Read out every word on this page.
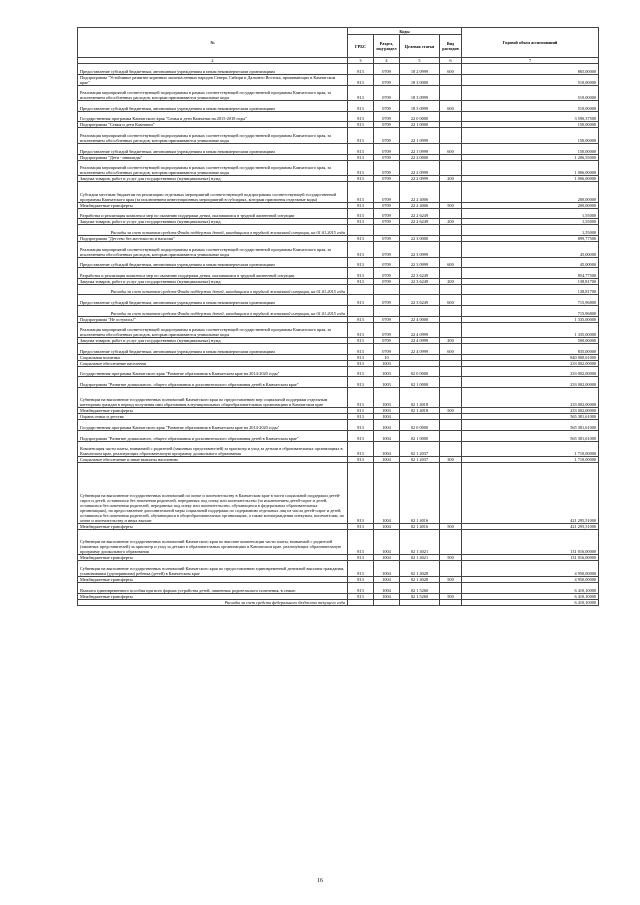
№	Коды				Годовой объем ассигнований
	ГРБС	Раздел, под-раздел	Целевая статья	Вид расходов	
2	3	4	5	6	7
Предоставление субсидий бюджетным, автономным учреждениям и иным некоммерческим организациям	813	0709	18 2 0999	600	865,00000
Подпрограмма "Устойчивое развитие коренных малочисленных народов Севера, Сибири и Дальнего Востока, проживающих в Камчатском крае"	813	0709	18 3 0000		510,00000
Реализация мероприятий соответствующей подпрограммы в рамках соответствующей государственной программы Камчатского края, за исключением обособленных расходов, которым присваиваются уникальные коды	813	0709	18 3 0999		510,00000
Предоставление субсидий бюджетным, автономным учреждениям и иным некоммерческим организациям	813	0709	18 3 0999	600	510,00000
Государственная программа Камчатского края "Семья и дети Камчатки на 2015-2018 годы"	813	0709	22 0 0000		3 590,37500
Подпрограмма "Семья и дети Камчатки"	813	0709	22 1 0000		150,00000
Реализация мероприятий соответствующей подпрограммы в рамках соответствующей государственной программы Камчатского края, за исключением обособленных расходов, которым присваиваются уникальные коды	813	0709	22 1 0999		150,00000
Предоставление субсидий бюджетным, автономным учреждениям и иным некоммерческим организациям	813	0709	22 1 0999	600	150,00000
Подпрограмма "Дети - инвалиды"	813	0709	22 2 0000		1 206,55000
Реализация мероприятий соответствующей подпрограммы в рамках соответствующей государственной программы Камчатского края, за исключением обособленных расходов, которым присваиваются уникальные коды	813	0709	22 2 0999		1 006,00000
Закупка товаров, работ и услуг для государственных (муниципальных) нужд	813	0709	22 2 0999	200	1 006,00000
Субсидии местным бюджетам на реализацию отдельных мероприятий соответствующей подпрограммы соответствующей государственной программы Камчатского края (за исключением инвестиционных мероприятий в субсидиях, которым присвоены отдельные коды)	813	0709	22 2 4006		200,00000
Межбюджетные трансферты	813	0709	22 2 4006	500	200,00000
Разработка и реализация комплекса мер по оказанию поддержки детям, оказавшимся в трудной жизненной ситуации	813	0709	22 2 6249		1,55000
Закупка товаров, работ и услуг для государственных (муниципальных) нужд	813	0709	22 2 6249	200	1,55000
Расходы за счет остатков средств Фонда поддержки детей, находящихся в трудной жизненной ситуации, на 01.01.2015 года					1,55000
Подпрограмма "Детство без жестокости и насилия"	813	0709	22 3 0000		899,77500
Реализация мероприятий соответствующей подпрограммы в рамках соответствующей государственной программы Камчатского края, за исключением обособленных расходов, которым присваиваются уникальные коды	813	0709	22 3 0999		45,00000
Предоставление субсидий бюджетным, автономным учреждениям и иным некоммерческим организациям	813	0709	22 3 0999	600	45,00000
Разработка и реализация комплекса мер по оказанию поддержки детям, оказавшимся в трудной жизненной ситуации	813	0709	22 3 6249		854,77500
Закупка товаров, работ и услуг для государственных (муниципальных) нужд	813	0709	22 3 6249	200	138,81700
Расходы за счет остатков средств Фонда поддержки детей, находящихся в трудной жизненной ситуации, на 01.01.2015 года					138,81700
Предоставление субсидий бюджетным, автономным учреждениям и иным некоммерческим организациям	813	0709	22 3 6249	600	715,96800
Расходы за счет остатков средств Фонда поддержки детей, находящихся в трудной жизненной ситуации, на 01.01.2015 года					715,96800
Подпрограмма "Не оступись!"	813	0709	22 4 0000		1 335,00000
Реализация мероприятий соответствующей подпрограммы в рамках соответствующей государственной программы Камчатского края, за исключением обособленных расходов, которым присваиваются уникальные коды	813	0709	22 4 0999		1 335,00000
Закупка товаров, работ и услуг для государственных (муниципальных) нужд	813	0709	22 4 0999	200	500,00000
Предоставление субсидий бюджетным, автономным учреждениям и иным некоммерческим организациям	813	0709	22 4 0999	600	835,00000
Социальная политика	813	10			840 000,61000
Социальное обеспечение населения	813	1003			233 002,00000
Государственная программа Камчатского края "Развитие образования в Камчатском крае на 2014-2020 годы"	813	1003	02 0 0000		233 002,00000
Подпрограмма "Развитие дошкольного, общего образования и дополнительного образования детей в Камчатском крае"	813	1003	02 1 0000		233 002,00000
Субвенции на выполнение государственных полномочий Камчатского края по предоставлению мер социальной поддержки отдельным категориям граждан в период получения ими образования в муниципальных общеобразовательных организациях в Камчатском крае	813	1003	02 1 4018		233 002,00000
Межбюджетные трансферты	813	1003	02 1 4018	500	233 002,00000
Охрана семьи и детства	813	1004			565 381,61000
Государственная программа Камчатского края "Развитие образования в Камчатском крае на 2014-2020 годы"	813	1004	02 0 0000		565 381,61000
Подпрограмма "Развитие дошкольного, общего образования и дополнительного образования детей в Камчатском крае"	813	1004	02 1 0000		565 381,61000
Компенсация части платы, взимаемой с родителей (законных представителей) за присмотр и уход за детьми в образовательных организациях в Камчатском крае, реализующих образовательную программу дошкольного образования	813	1004	02 1 2037		1 710,00000
Социальное обеспечение и иные выплаты населению	813	1004	02 1 2037	300	1 710,00000
Субвенции на выполнение государственных полномочий по опеке и попечительству в Камчатском крае в части социальной поддержки детей-сирот и детей, оставшихся без попечения родителей, переданных под опеку или попечительство (за исключением детей-сирот и детей, оставшихся без попечения родителей, переданных под опеку или попечительство, обучающихся в федеральных образовательных организациях), на предоставление дополнительной меры социальной поддержки по содержанию отдельных лиц из числа детей-сирот и детей, оставшихся без попечения родителей, обучающихся в общеобразовательных организациях, а также вознаграждения опекунам, попечителям, по опеке и попечительству и иных выплат	813	1004	02 1 4016		421 295,51000
Межбюджетные трансферты	813	1004	02 1 4016	500	421 295,51000
Субвенции на выполнение государственных полномочий Камчатского края по выплате компенсации части платы, взимаемой с родителей (законных представителей) за присмотр и уход за детьми в образовательных организациях в Камчатском крае, реализующих образовательную программу дошкольного образования	813	1004	02 1 4021		131 016,00000
Межбюджетные трансферты	813	1004	02 1 4021	500	131 016,00000
Субвенции на выполнение государственных полномочий Камчатского края по предоставлению единовременной денежной выплаты гражданам, усыновившим (удочерившим) ребенка (детей) в Камчатском крае	813	1004	02 1 4028		4 950,00000
Межбюджетные трансферты	813	1004	02 1 4028	500	4 950,00000
Выплата единовременного пособия при всех формах устройства детей, лишенных родительского попечения, в семью	813	1004	02 1 5260		6 410,10000
Межбюджетные трансферты	813	1004	02 1 5260	500	6 410,10000
Расходы за счет средств федерального бюджета текущего года					6 410,10000
16
